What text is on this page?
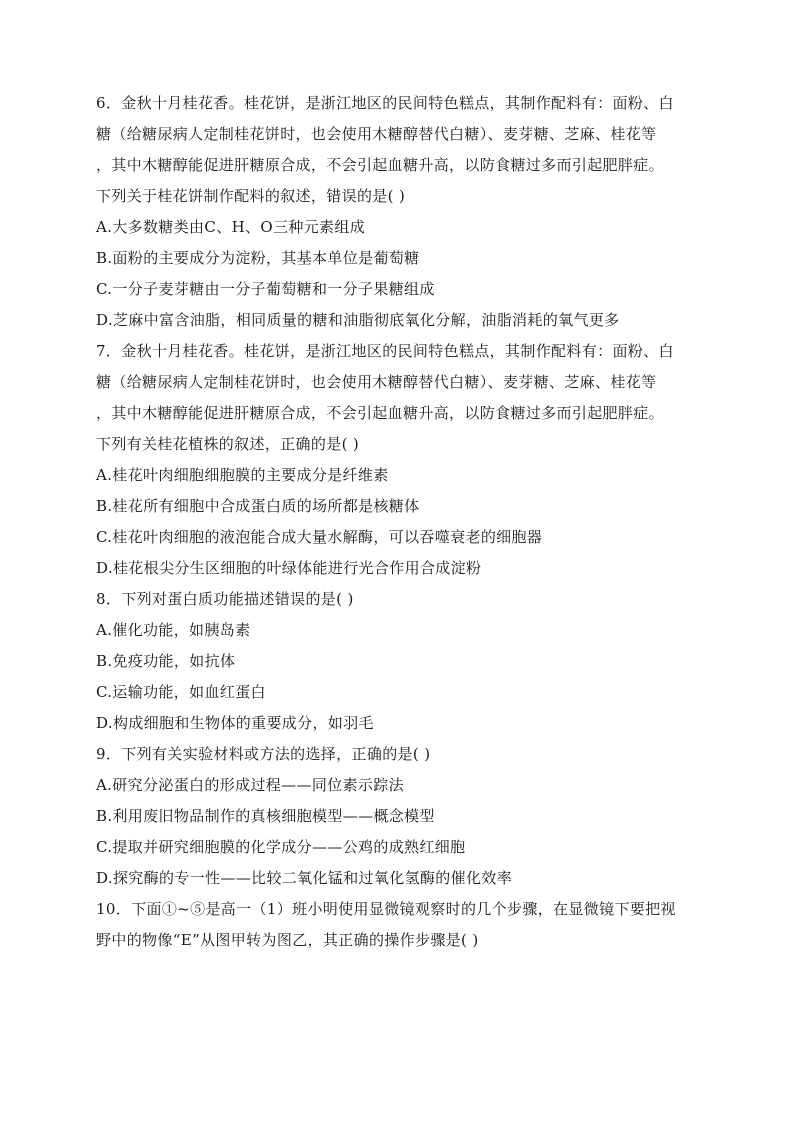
6．金秋十月桂花香。桂花饼，是浙江地区的民间特色糕点，其制作配料有：面粉、白
糖（给糖尿病人定制桂花饼时，也会使用木糖醇替代白糖）、麦芽糖、芝麻、桂花等
，其中木糖醇能促进肝糖原合成，不会引起血糖升高，以防食糖过多而引起肥胖症。
下列关于桂花饼制作配料的叙述，错误的是( )
A.大多数糖类由C、H、O三种元素组成
B.面粉的主要成分为淀粉，其基本单位是葡萄糖
C.一分子麦芽糖由一分子葡萄糖和一分子果糖组成
D.芝麻中富含油脂，相同质量的糖和油脂彻底氧化分解，油脂消耗的氧气更多
7．金秋十月桂花香。桂花饼，是浙江地区的民间特色糕点，其制作配料有：面粉、白
糖（给糖尿病人定制桂花饼时，也会使用木糖醇替代白糖）、麦芽糖、芝麻、桂花等
，其中木糖醇能促进肝糖原合成，不会引起血糖升高，以防食糖过多而引起肥胖症。
下列有关桂花植株的叙述，正确的是( )
A.桂花叶肉细胞细胞膜的主要成分是纤维素
B.桂花所有细胞中合成蛋白质的场所都是核糖体
C.桂花叶肉细胞的液泡能合成大量水解酶，可以吞噬衰老的细胞器
D.桂花根尖分生区细胞的叶绿体能进行光合作用合成淀粉
8．下列对蛋白质功能描述错误的是( )
A.催化功能，如胰岛素
B.免疫功能，如抗体
C.运输功能，如血红蛋白
D.构成细胞和生物体的重要成分，如羽毛
9．下列有关实验材料或方法的选择，正确的是( )
A.研究分泌蛋白的形成过程——同位素示踪法
B.利用废旧物品制作的真核细胞模型——概念模型
C.提取并研究细胞膜的化学成分——公鸡的成熟红细胞
D.探究酶的专一性——比较二氧化锰和过氧化氢酶的催化效率
10．下面①~⑤是高一（1）班小明使用显微镜观察时的几个步骤，在显微镜下要把视
野中的物像“E”从图甲转为图乙，其正确的操作步骤是( )
